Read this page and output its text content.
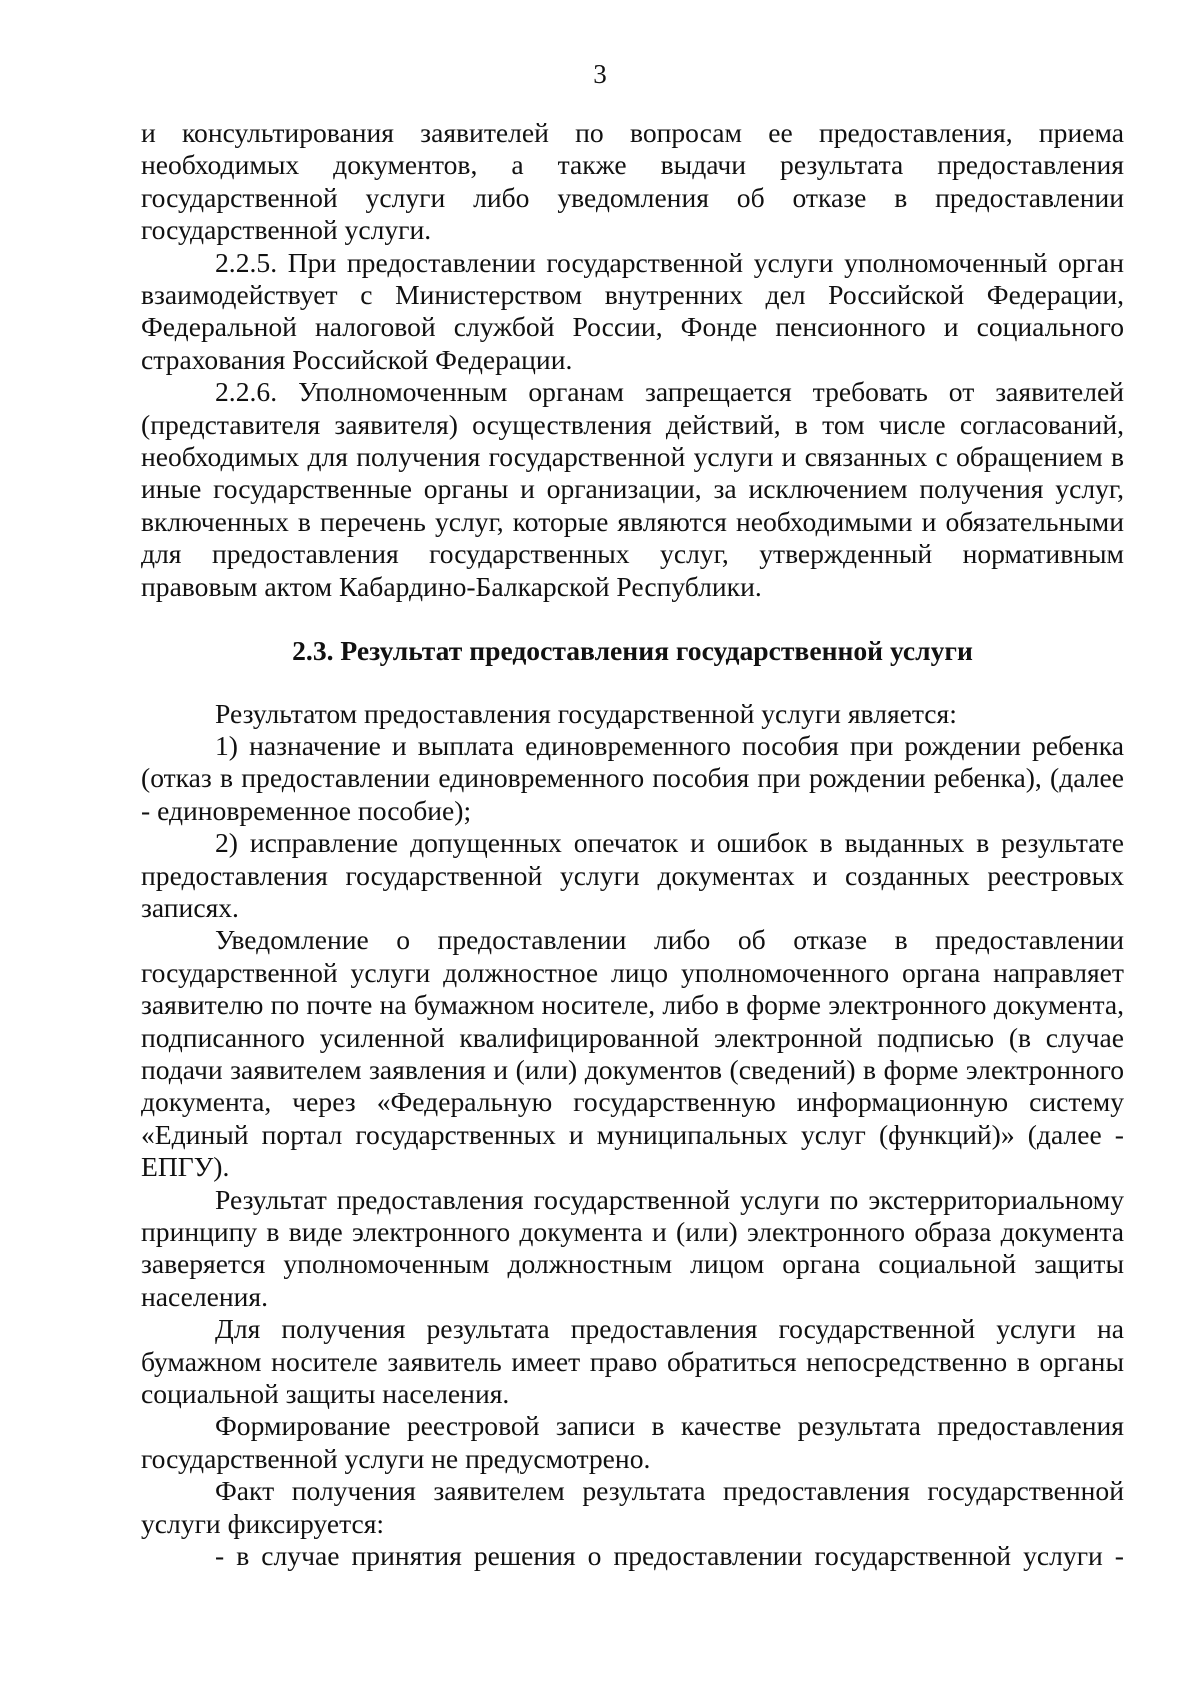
3

и консультирования заявителей по вопросам ее предоставления, приема необходимых документов, а также выдачи результата предоставления государственной услуги либо уведомления об отказе в предоставлении государственной услуги.

2.2.5. При предоставлении государственной услуги уполномоченный орган взаимодействует с Министерством внутренних дел Российской Федерации, Федеральной налоговой службой России, Фонде пенсионного и социального страхования Российской Федерации.

2.2.6. Уполномоченным органам запрещается требовать от заявителей (представителя заявителя) осуществления действий, в том числе согласований, необходимых для получения государственной услуги и связанных с обращением в иные государственные органы и организации, за исключением получения услуг, включенных в перечень услуг, которые являются необходимыми и обязательными для предоставления государственных услуг, утвержденный нормативным правовым актом Кабардино-Балкарской Республики.

2.3. Результат предоставления государственной услуги

Результатом предоставления государственной услуги является:

1) назначение и выплата единовременного пособия при рождении ребенка (отказ в предоставлении единовременного пособия при рождении ребенка), (далее - единовременное пособие);

2) исправление допущенных опечаток и ошибок в выданных в результате предоставления государственной услуги документах и созданных реестровых записях.

Уведомление о предоставлении либо об отказе в предоставлении государственной услуги должностное лицо уполномоченного органа направляет заявителю по почте на бумажном носителе, либо в форме электронного документа, подписанного усиленной квалифицированной электронной подписью (в случае подачи заявителем заявления и (или) документов (сведений) в форме электронного документа, через «Федеральную государственную информационную систему «Единый портал государственных и муниципальных услуг (функций)» (далее - ЕПГУ).

Результат предоставления государственной услуги по экстерриториальному принципу в виде электронного документа и (или) электронного образа документа заверяется уполномоченным должностным лицом органа социальной защиты населения.

Для получения результата предоставления государственной услуги на бумажном носителе заявитель имеет право обратиться непосредственно в органы социальной защиты населения.

Формирование реестровой записи в качестве результата предоставления государственной услуги не предусмотрено.

Факт получения заявителем результата предоставления государственной услуги фиксируется:

- в случае принятия решения о предоставлении государственной услуги -
